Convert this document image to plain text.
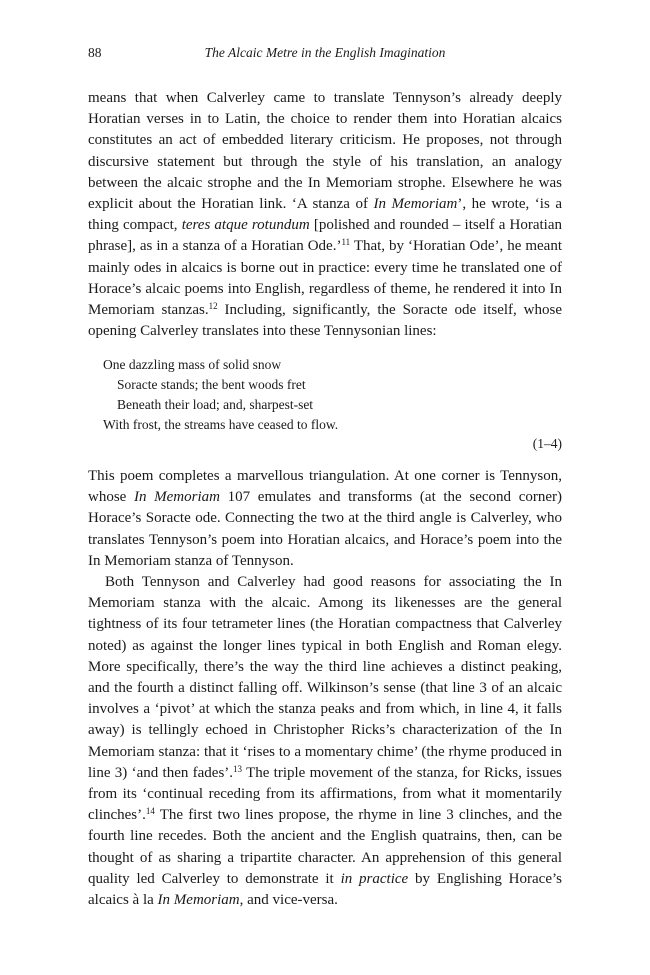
88	The Alcaic Metre in the English Imagination

means that when Calverley came to translate Tennyson’s already deeply Horatian verses in to Latin, the choice to render them into Horatian alcaics constitutes an act of embedded literary criticism. He proposes, not through discursive statement but through the style of his translation, an analogy between the alcaic strophe and the In Memoriam strophe. Elsewhere he was explicit about the Horatian link. ‘A stanza of In Memoriam’, he wrote, ‘is a thing compact, teres atque rotundum [polished and rounded – itself a Horatian phrase], as in a stanza of a Horatian Ode.’$^{11}$ That, by ‘Horatian Ode’, he meant mainly odes in alcaics is borne out in practice: every time he translated one of Horace’s alcaic poems into English, regardless of theme, he rendered it into In Memoriam stanzas.$^{12}$ Including, significantly, the Soracte ode itself, whose opening Calverley translates into these Tennysonian lines:

One dazzling mass of solid snow
Soracte stands; the bent woods fret
Beneath their load; and, sharpest-set
With frost, the streams have ceased to flow.
(1–4)

This poem completes a marvellous triangulation. At one corner is Tennyson, whose In Memoriam 107 emulates and transforms (at the second corner) Horace’s Soracte ode. Connecting the two at the third angle is Calverley, who translates Tennyson’s poem into Horatian alcaics, and Horace’s poem into the In Memoriam stanza of Tennyson.

Both Tennyson and Calverley had good reasons for associating the In Memoriam stanza with the alcaic. Among its likenesses are the general tightness of its four tetrameter lines (the Horatian compactness that Calverley noted) as against the longer lines typical in both English and Roman elegy. More specifically, there’s the way the third line achieves a distinct peaking, and the fourth a distinct falling off. Wilkinson’s sense (that line 3 of an alcaic involves a ‘pivot’ at which the stanza peaks and from which, in line 4, it falls away) is tellingly echoed in Christopher Ricks’s characterization of the In Memoriam stanza: that it ‘rises to a momentary chime’ (the rhyme produced in line 3) ‘and then fades’.$^{13}$ The triple movement of the stanza, for Ricks, issues from its ‘continual receding from its affirmations, from what it momentarily clinches’.$^{14}$ The first two lines propose, the rhyme in line 3 clinches, and the fourth line recedes. Both the ancient and the English quatrains, then, can be thought of as sharing a tripartite character. An apprehension of this general quality led Calverley to demonstrate it in practice by Englishing Horace’s alcaics à la In Memoriam, and vice-versa.
